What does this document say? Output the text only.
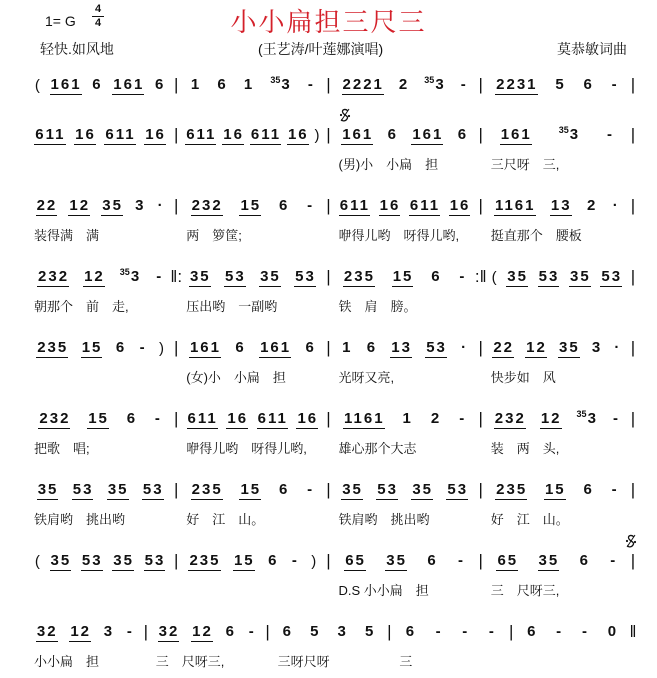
小小扁担三尺三
1= G
4
4
轻快.如风地	(王艺涛/叶莲娜演唱)	莫恭敏词曲
( 161 6 161 6 | 1 6 1 $^{35}$3 - | 2221 2 $^{35}$3 - | 2231 5 6 - |
611 16 611 16 | 611 16 611 16 ) | 161 6 161 6 | 161	$^{35}$3 - |
(男)小　小扁　担	三尺呀　三,
22 12 35 3 · | 232 15 6 - | 611 16 611 16 | 1161 13 2 · |
装得满　满	两　箩筐;	咿得儿哟　呀得儿哟,	挺直那个　腰板
232 12 $^{35}$3 - ‖: 35 53 35 53 | 235 15 6 - :‖ ( 35 53 35 53 |
朝那个　前　走,	压出哟　一副哟	铁　肩　膀。
235 15 6 - ) | 161 6 161 6 | 1 6 13 53 · | 22 12 35 3 · |
(女)小　小扁　担	光呀又亮,	快步如　风
232 15 6 - | 611 16 611 16 | 1161 1 2 - | 232 12 $^{35}$3 - |
把歌　唱;	咿得儿哟　呀得儿哟,	雄心那个大志	装　两　头,
35 53 35 53 | 235 15 6 - | 35 53 35 53 | 235 15 6 - |
铁肩哟　挑出哟	好　江　山。	铁肩哟　挑出哟	好　江　山。
( 35 53 35 53 | 235 15 6 - ) | 65 35 6 - | 65 35 6 - |
D.S 小小扁　担	三　尺呀三,
32 12 3 - | 32 12 6 - | 6 5 3 5 | 6 - - - | 6 - - 0 ‖
小小扁　担	三　尺呀三,	三呀尺呀	三
